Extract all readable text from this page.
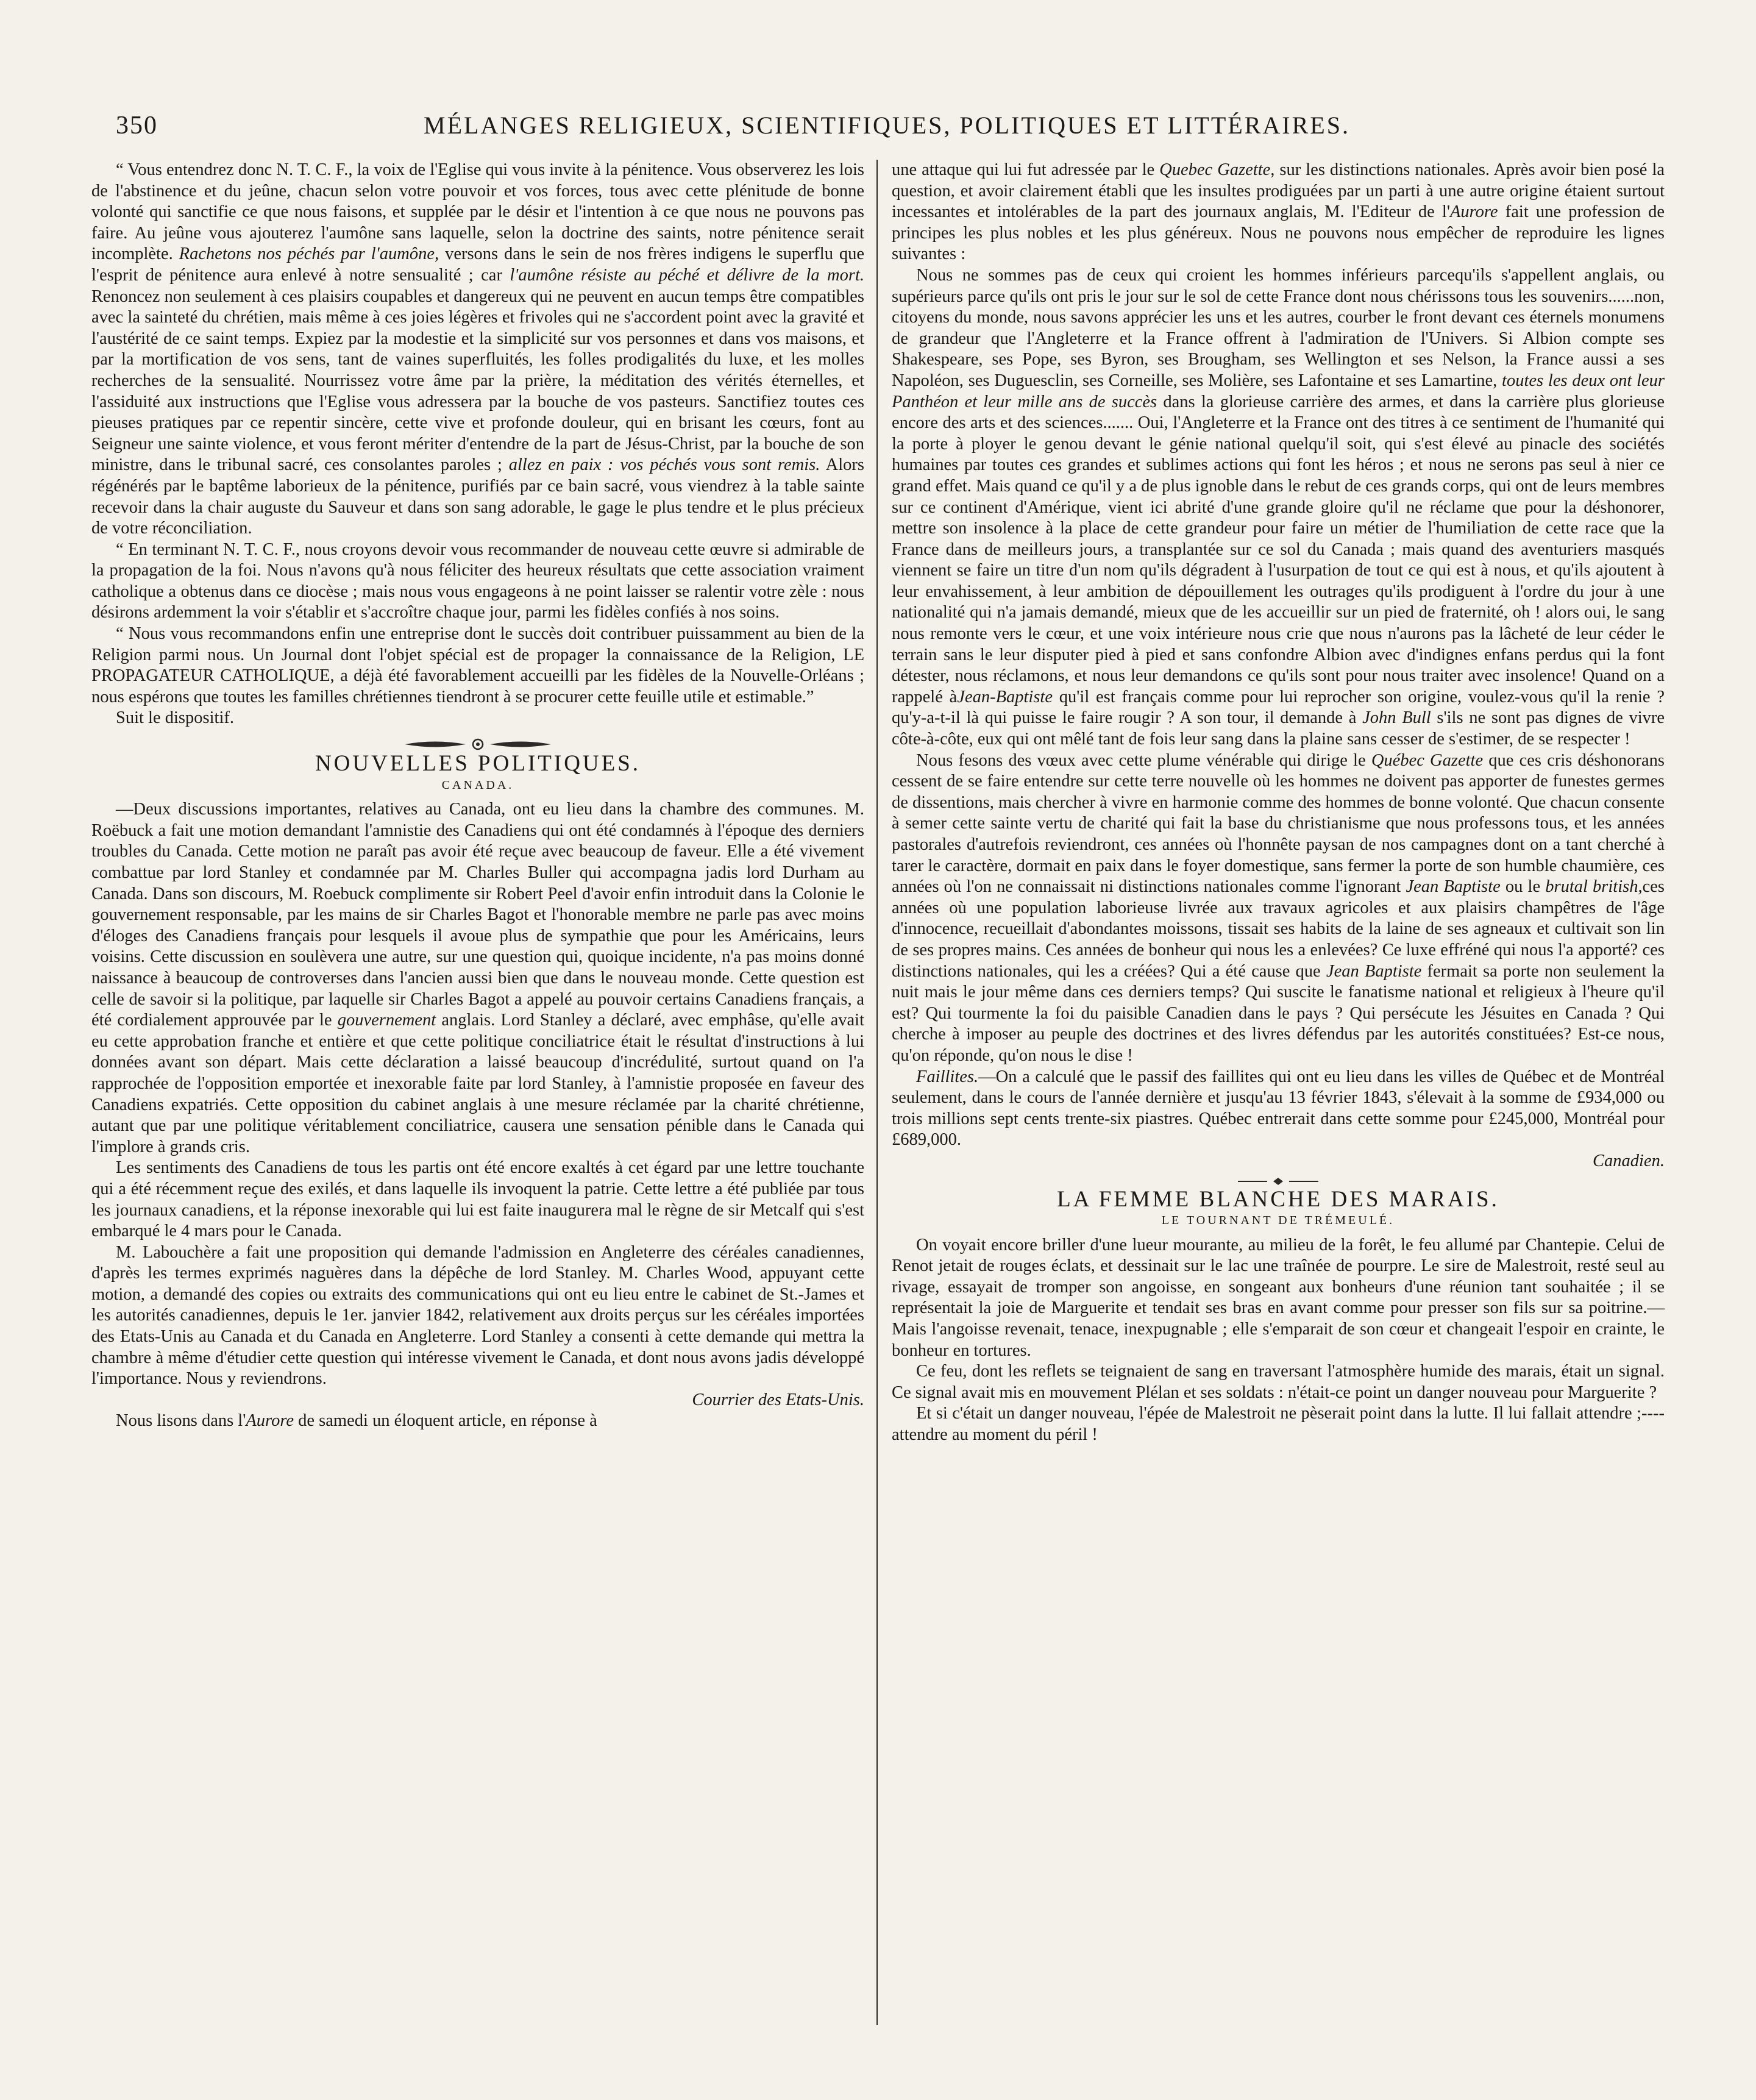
350	MÉLANGES RELIGIEUX, SCIENTIFIQUES, POLITIQUES ET LITTÉRAIRES.

“ Vous entendrez donc N. T. C. F., la voix de l'Eglise qui vous invite à la pénitence. Vous observerez les lois de l'abstinence et du jeûne, chacun selon votre pouvoir et vos forces, tous avec cette plénitude de bonne volonté qui sanctifie ce que nous faisons, et supplée par le désir et l'intention à ce que nous ne pouvons pas faire. Au jeûne vous ajouterez l'aumône sans laquelle, selon la doctrine des saints, notre pénitence serait incomplète. Rachetons nos péchés par l'aumône, versons dans le sein de nos frères indigens le superflu que l'esprit de pénitence aura enlevé à notre sensualité ; car l'aumône résiste au péché et délivre de la mort. Renoncez non seulement à ces plaisirs coupables et dangereux qui ne peuvent en aucun temps être compatibles avec la sainteté du chrétien, mais même à ces joies légères et frivoles qui ne s'accordent point avec la gravité et l'austérité de ce saint temps. Expiez par la modestie et la simplicité sur vos personnes et dans vos maisons, et par la mortification de vos sens, tant de vaines superfluités, les folles prodigalités du luxe, et les molles recherches de la sensualité. Nourrissez votre âme par la prière, la méditation des vérités éternelles, et l'assiduité aux instructions que l'Eglise vous adressera par la bouche de vos pasteurs. Sanctifiez toutes ces pieuses pratiques par ce repentir sincère, cette vive et profonde douleur, qui en brisant les cœurs, font au Seigneur une sainte violence, et vous feront mériter d'entendre de la part de Jésus-Christ, par la bouche de son ministre, dans le tribunal sacré, ces consolantes paroles ; allez en paix : vos péchés vous sont remis. Alors régénérés par le baptême laborieux de la pénitence, purifiés par ce bain sacré, vous viendrez à la table sainte recevoir dans la chair auguste du Sauveur et dans son sang adorable, le gage le plus tendre et le plus précieux de votre réconciliation.

“ En terminant N. T. C. F., nous croyons devoir vous recommander de nouveau cette œuvre si admirable de la propagation de la foi. Nous n'avons qu'à nous féliciter des heureux résultats que cette association vraiment catholique a obtenus dans ce diocèse ; mais nous vous engageons à ne point laisser se ralentir votre zèle : nous désirons ardemment la voir s'établir et s'accroître chaque jour, parmi les fidèles confiés à nos soins.

“ Nous vous recommandons enfin une entreprise dont le succès doit contribuer puissamment au bien de la Religion parmi nous. Un Journal dont l'objet spécial est de propager la connaissance de la Religion, LE PROPAGATEUR CATHOLIQUE, a déjà été favorablement accueilli par les fidèles de la Nouvelle-Orléans ; nous espérons que toutes les familles chrétiennes tiendront à se procurer cette feuille utile et estimable.”

Suit le dispositif.

NOUVELLES POLITIQUES.
CANADA.

—Deux discussions importantes, relatives au Canada, ont eu lieu dans la chambre des communes. M. Roëbuck a fait une motion demandant l'amnistie des Canadiens qui ont été condamnés à l'époque des derniers troubles du Canada. Cette motion ne paraît pas avoir été reçue avec beaucoup de faveur. Elle a été vivement combattue par lord Stanley et condamnée par M. Charles Buller qui accompagna jadis lord Durham au Canada. Dans son discours, M. Roebuck complimente sir Robert Peel d'avoir enfin introduit dans la Colonie le gouvernement responsable, par les mains de sir Charles Bagot et l'honorable membre ne parle pas avec moins d'éloges des Canadiens français pour lesquels il avoue plus de sympathie que pour les Américains, leurs voisins. Cette discussion en soulèvera une autre, sur une question qui, quoique incidente, n'a pas moins donné naissance à beaucoup de controverses dans l'ancien aussi bien que dans le nouveau monde. Cette question est celle de savoir si la politique, par laquelle sir Charles Bagot a appelé au pouvoir certains Canadiens français, a été cordialement approuvée par le gouvernement anglais. Lord Stanley a déclaré, avec emphâse, qu'elle avait eu cette approbation franche et entière et que cette politique conciliatrice était le résultat d'instructions à lui données avant son départ. Mais cette déclaration a laissé beaucoup d'incrédulité, surtout quand on l'a rapprochée de l'opposition emportée et inexorable faite par lord Stanley, à l'amnistie proposée en faveur des Canadiens expatriés. Cette opposition du cabinet anglais à une mesure réclamée par la charité chrétienne, autant que par une politique véritablement conciliatrice, causera une sensation pénible dans le Canada qui l'implore à grands cris.

Les sentiments des Canadiens de tous les partis ont été encore exaltés à cet égard par une lettre touchante qui a été récemment reçue des exilés, et dans laquelle ils invoquent la patrie. Cette lettre a été publiée par tous les journaux canadiens, et la réponse inexorable qui lui est faite inaugurera mal le règne de sir Metcalf qui s'est embarqué le 4 mars pour le Canada.

M. Labouchère a fait une proposition qui demande l'admission en Angleterre des céréales canadiennes, d'après les termes exprimés naguères dans la dépêche de lord Stanley. M. Charles Wood, appuyant cette motion, a demandé des copies ou extraits des communications qui ont eu lieu entre le cabinet de St.-James et les autorités canadiennes, depuis le 1er. janvier 1842, relativement aux droits perçus sur les céréales importées des Etats-Unis au Canada et du Canada en Angleterre. Lord Stanley a consenti à cette demande qui mettra la chambre à même d'étudier cette question qui intéresse vivement le Canada, et dont nous avons jadis développé l'importance. Nous y reviendrons.

Courrier des Etats-Unis.

Nous lisons dans l'Aurore de samedi un éloquent article, en réponse à

une attaque qui lui fut adressée par le Quebec Gazette, sur les distinctions nationales. Après avoir bien posé la question, et avoir clairement établi que les insultes prodiguées par un parti à une autre origine étaient surtout incessantes et intolérables de la part des journaux anglais, M. l'Editeur de l'Aurore fait une profession de principes les plus nobles et les plus généreux. Nous ne pouvons nous empêcher de reproduire les lignes suivantes :

Nous ne sommes pas de ceux qui croient les hommes inférieurs parcequ'ils s'appellent anglais, ou supérieurs parce qu'ils ont pris le jour sur le sol de cette France dont nous chérissons tous les souvenirs......non, citoyens du monde, nous savons apprécier les uns et les autres, courber le front devant ces éternels monumens de grandeur que l'Angleterre et la France offrent à l'admiration de l'Univers. Si Albion compte ses Shakespeare, ses Pope, ses Byron, ses Brougham, ses Wellington et ses Nelson, la France aussi a ses Napoléon, ses Duguesclin, ses Corneille, ses Molière, ses Lafontaine et ses Lamartine, toutes les deux ont leur Panthéon et leur mille ans de succès dans la glorieuse carrière des armes, et dans la carrière plus glorieuse encore des arts et des sciences....... Oui, l'Angleterre et la France ont des titres à ce sentiment de l'humanité qui la porte à ployer le genou devant le génie national quelqu'il soit, qui s'est élevé au pinacle des sociétés humaines par toutes ces grandes et sublimes actions qui font les héros ; et nous ne serons pas seul à nier ce grand effet. Mais quand ce qu'il y a de plus ignoble dans le rebut de ces grands corps, qui ont de leurs membres sur ce continent d'Amérique, vient ici abrité d'une grande gloire qu'il ne réclame que pour la déshonorer, mettre son insolence à la place de cette grandeur pour faire un métier de l'humiliation de cette race que la France dans de meilleurs jours, a transplantée sur ce sol du Canada ; mais quand des aventuriers masqués viennent se faire un titre d'un nom qu'ils dégradent à l'usurpation de tout ce qui est à nous, et qu'ils ajoutent à leur envahissement, à leur ambition de dépouillement les outrages qu'ils prodiguent à l'ordre du jour à une nationalité qui n'a jamais demandé, mieux que de les accueillir sur un pied de fraternité, oh ! alors oui, le sang nous remonte vers le cœur, et une voix intérieure nous crie que nous n'aurons pas la lâcheté de leur céder le terrain sans le leur disputer pied à pied et sans confondre Albion avec d'indignes enfans perdus qui la font détester, nous réclamons, et nous leur demandons ce qu'ils sont pour nous traiter avec insolence! Quand on a rappelé àJean-Baptiste qu'il est français comme pour lui reprocher son origine, voulez-vous qu'il la renie ? qu'y-a-t-il là qui puisse le faire rougir ? A son tour, il demande à John Bull s'ils ne sont pas dignes de vivre côte-à-côte, eux qui ont mêlé tant de fois leur sang dans la plaine sans cesser de s'estimer, de se respecter !

Nous fesons des vœux avec cette plume vénérable qui dirige le Québec Gazette que ces cris déshonorans cessent de se faire entendre sur cette terre nouvelle où les hommes ne doivent pas apporter de funestes germes de dissentions, mais chercher à vivre en harmonie comme des hommes de bonne volonté. Que chacun consente à semer cette sainte vertu de charité qui fait la base du christianisme que nous professons tous, et les années pastorales d'autrefois reviendront, ces années où l'honnête paysan de nos campagnes dont on a tant cherché à tarer le caractère, dormait en paix dans le foyer domestique, sans fermer la porte de son humble chaumière, ces années où l'on ne connaissait ni distinctions nationales comme l'ignorant Jean Baptiste ou le brutal british,ces années où une population laborieuse livrée aux travaux agricoles et aux plaisirs champêtres de l'âge d'innocence, recueillait d'abondantes moissons, tissait ses habits de la laine de ses agneaux et cultivait son lin de ses propres mains. Ces années de bonheur qui nous les a enlevées? Ce luxe effréné qui nous l'a apporté? ces distinctions nationales, qui les a créées? Qui a été cause que Jean Baptiste fermait sa porte non seulement la nuit mais le jour même dans ces derniers temps? Qui suscite le fanatisme national et religieux à l'heure qu'il est? Qui tourmente la foi du paisible Canadien dans le pays ? Qui persécute les Jésuites en Canada ? Qui cherche à imposer au peuple des doctrines et des livres défendus par les autorités constituées? Est-ce nous, qu'on réponde, qu'on nous le dise !

Faillites.—On a calculé que le passif des faillites qui ont eu lieu dans les villes de Québec et de Montréal seulement, dans le cours de l'année dernière et jusqu'au 13 février 1843, s'élevait à la somme de £934,000 ou trois millions sept cents trente-six piastres. Québec entrerait dans cette somme pour £245,000, Montréal pour £689,000.

Canadien.

LA FEMME BLANCHE DES MARAIS.
LE TOURNANT DE TRÉMEULÉ.

On voyait encore briller d'une lueur mourante, au milieu de la forêt, le feu allumé par Chantepie. Celui de Renot jetait de rouges éclats, et dessinait sur le lac une traînée de pourpre. Le sire de Malestroit, resté seul au rivage, essayait de tromper son angoisse, en songeant aux bonheurs d'une réunion tant souhaitée ; il se représentait la joie de Marguerite et tendait ses bras en avant comme pour presser son fils sur sa poitrine.—Mais l'angoisse revenait, tenace, inexpugnable ; elle s'emparait de son cœur et changeait l'espoir en crainte, le bonheur en tortures.

Ce feu, dont les reflets se teignaient de sang en traversant l'atmosphère humide des marais, était un signal. Ce signal avait mis en mouvement Plélan et ses soldats : n'était-ce point un danger nouveau pour Marguerite ?

Et si c'était un danger nouveau, l'épée de Malestroit ne pèserait point dans la lutte. Il lui fallait attendre ;----attendre au moment du péril !
